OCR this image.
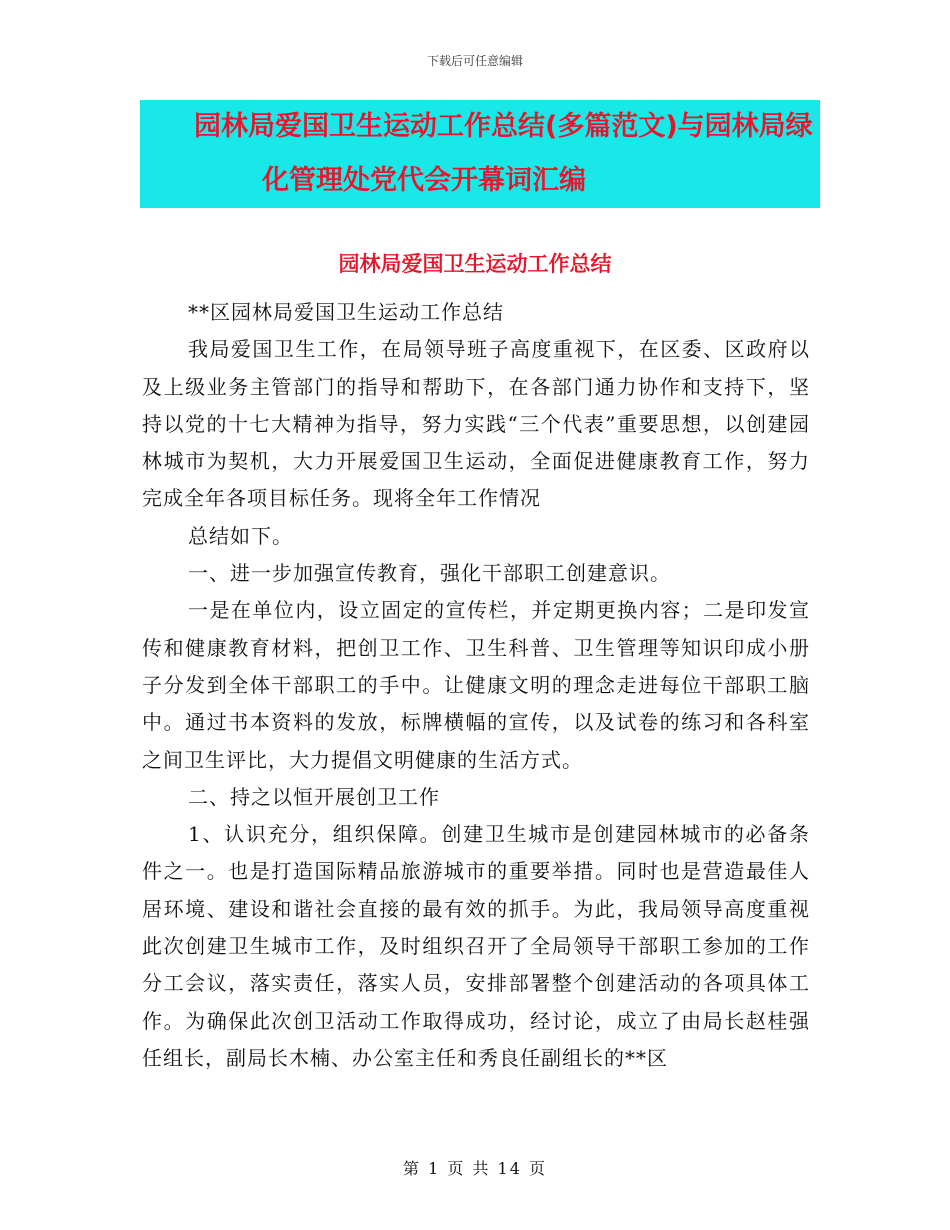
下载后可任意编辑
园林局爱国卫生运动工作总结(多篇范文)与园林局绿
化管理处党代会开幕词汇编
园林局爱国卫生运动工作总结

**区园林局爱国卫生运动工作总结

我局爱国卫生工作，在局领导班子高度重视下，在区委、区政府以及上级业务主管部门的指导和帮助下，在各部门通力协作和支持下，坚持以党的十七大精神为指导，努力实践“三个代表”重要思想，以创建园林城市为契机，大力开展爱国卫生运动，全面促进健康教育工作，努力完成全年各项目标任务。现将全年工作情况

总结如下。

一、进一步加强宣传教育，强化干部职工创建意识。

一是在单位内，设立固定的宣传栏，并定期更换内容；二是印发宣传和健康教育材料，把创卫工作、卫生科普、卫生管理等知识印成小册子分发到全体干部职工的手中。让健康文明的理念走进每位干部职工脑中。通过书本资料的发放，标牌横幅的宣传，以及试卷的练习和各科室之间卫生评比，大力提倡文明健康的生活方式。

二、持之以恒开展创卫工作

1、认识充分，组织保障。创建卫生城市是创建园林城市的必备条件之一。也是打造国际精品旅游城市的重要举措。同时也是营造最佳人居环境、建设和谐社会直接的最有效的抓手。为此，我局领导高度重视此次创建卫生城市工作，及时组织召开了全局领导干部职工参加的工作分工会议，落实责任，落实人员，安排部署整个创建活动的各项具体工作。为确保此次创卫活动工作取得成功，经讨论，成立了由局长赵桂强任组长，副局长木楠、办公室主任和秀良任副组长的**区

第 1 页 共 14 页
